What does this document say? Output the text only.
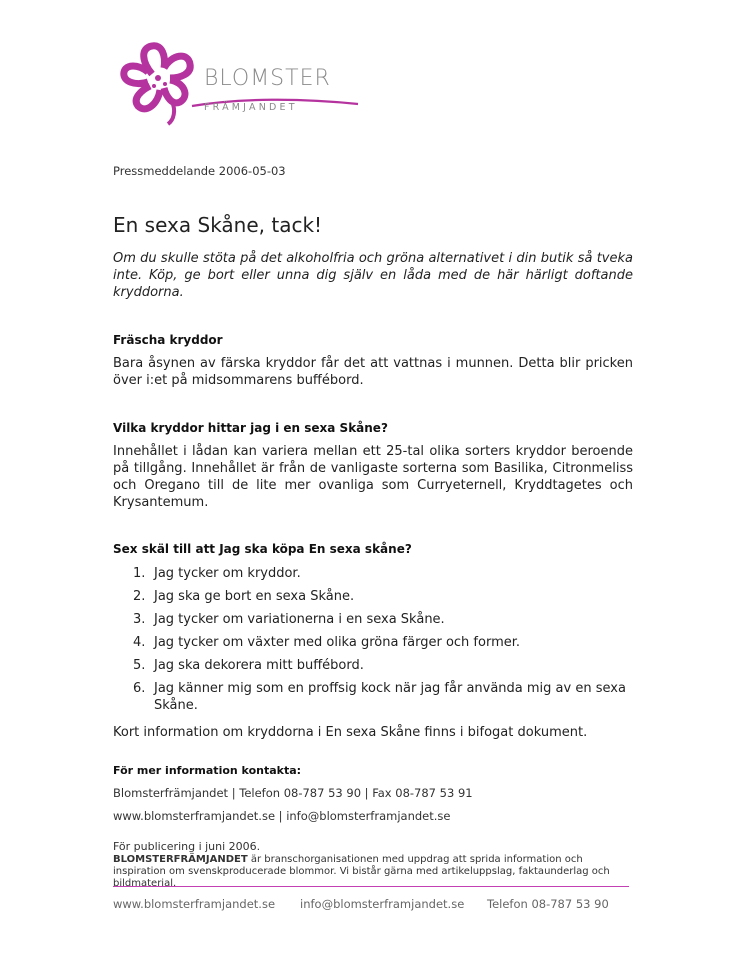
BLOMSTER
FRÄMJANDET
Pressmeddelande 2006-05-03
En sexa Skåne, tack!

Om du skulle stöta på det alkoholfria och gröna alternativet i din butik så tveka inte. Köp, ge bort eller unna dig själv en låda med de här härligt doftande kryddorna.

Fräscha kryddor

Bara åsynen av färska kryddor får det att vattnas i munnen. Detta blir pricken över i:et på midsommarens buffébord.

Vilka kryddor hittar jag i en sexa Skåne?

Innehållet i lådan kan variera mellan ett 25-tal olika sorters kryddor beroende på tillgång. Innehållet är från de vanligaste sorterna som Basilika, Citronmeliss och Oregano till de lite mer ovanliga som Curryeternell, Kryddtagetes och Krysantemum.

Sex skäl till att Jag ska köpa En sexa skåne?
1. Jag tycker om kryddor.
2. Jag ska ge bort en sexa Skåne.
3. Jag tycker om variationerna i en sexa Skåne.
4. Jag tycker om växter med olika gröna färger och former.
5. Jag ska dekorera mitt buffébord.
6. Jag känner mig som en proffsig kock när jag får använda mig av en sexa Skåne.

Kort information om kryddorna i En sexa Skåne finns i bifogat dokument.

För mer information kontakta:
Blomsterfrämjandet | Telefon 08-787 53 90 | Fax 08-787 53 91
www.blomsterframjandet.se | info@blomsterframjandet.se
För publicering i juni 2006.
BLOMSTERFRÄMJANDET är branschorganisationen med uppdrag att sprida information och inspiration om svenskproducerade blommor. Vi bistår gärna med artikeluppslag, faktaunderlag och bildmaterial.
www.blomsterframjandet.se info@blomsterframjandet.se Telefon 08-787 53 90
